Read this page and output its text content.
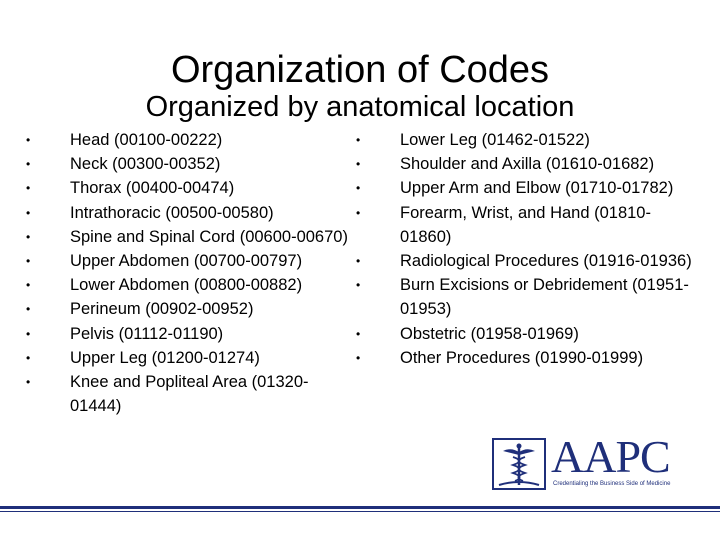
Organization of Codes
Organized by anatomical location
• Head (00100-00222)
• Neck (00300-00352)
• Thorax (00400-00474)
• Intrathoracic (00500-00580)
• Spine and Spinal Cord (00600-00670)
• Upper Abdomen (00700-00797)
• Lower Abdomen (00800-00882)
• Perineum (00902-00952)
• Pelvis (01112-01190)
• Upper Leg (01200-01274)
• Knee and Popliteal Area (01320-01444)
• Lower Leg (01462-01522)
• Shoulder and Axilla (01610-01682)
• Upper Arm and Elbow (01710-01782)
• Forearm, Wrist, and Hand (01810-01860)
• Radiological Procedures (01916-01936)
• Burn Excisions or Debridement (01951-01953)
• Obstetric (01958-01969)
• Other Procedures (01990-01999)
AAPC
Credentialing the Business Side of Medicine
